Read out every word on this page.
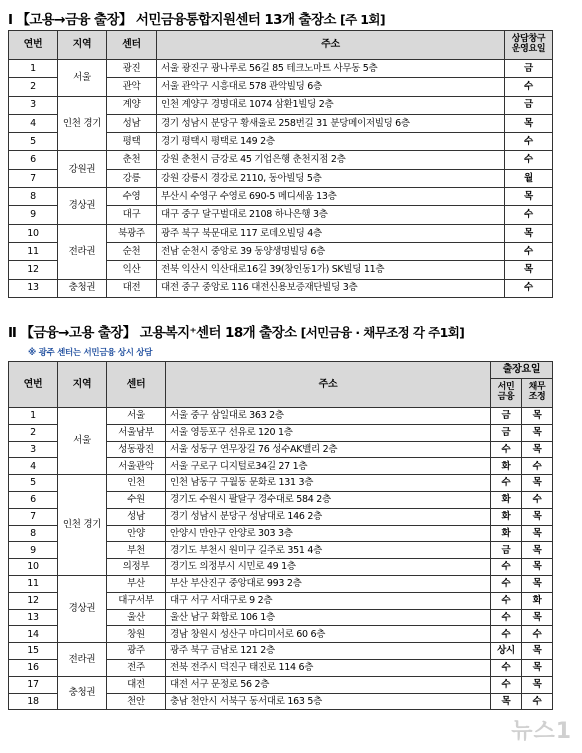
Ⅰ 【고용→금융 출장】 서민금융통합지원센터 13개 출장소 [주 1회]
연번	지역	센터	주소	상담창구 운영요일
1	서울	광진	서울 광진구 광나루로 56길 85 테크노마트 사무동 5층	금
2		관악	서울 관악구 시흥대로 578 관악빌딩 6층	수
3	인천 경기	계양	인천 계양구 경명대로 1074 삼환1빌딩 2층	금
4		성남	경기 성남시 분당구 황새울로 258번길 31 분당메이저빌딩 6층	목
5		평택	경기 평택시 평택로 149 2층	수
6	강원권	춘천	강원 춘천시 금강로 45 기업은행 춘천지점 2층	수
7		강릉	강원 강릉시 경강로 2110, 동아빌딩 5층	월
8	경상권	수영	부산시 수영구 수영로 690-5 메디세움 13층	목
9		대구	대구 중구 달구벌대로 2108 하나은행 3층	수
10	전라권	북광주	광주 북구 북문대로 117 로데오빌딩 4층	목
11		순천	전남 순천시 중앙로 39 동양생명빌딩 6층	수
12		익산	전북 익산시 익산대로16길 39(창인동1가) SK빌딩 11층	목
13	충청권	대전	대전 중구 중앙로 116 대전신용보증재단빌딩 3층	수
Ⅱ 【금융→고용 출장】 고용복지⁺센터 18개 출장소 [서민금융 · 채무조정 각 주1회]
※ 광주 센터는 서민금융 상시 상담
연번	지역	센터	주소	출장요일	
				서민 금융	채무 조정
1	서울	서울	서울 중구 삼일대로 363 2층	금	목
2		서울남부	서울 영등포구 선유로 120 1층	금	목
3		성동광진	서울 성동구 연무장길 76 성수AK밸리 2층	수	목
4		서울관악	서울 구로구 디지털로34길 27 1층	화	수
5	인천 경기	인천	인천 남동구 구월동 문화로 131 3층	수	목
6		수원	경기도 수원시 팔달구 경수대로 584 2층	화	수
7		성남	경기 성남시 분당구 성남대로 146 2층	화	목
8		안양	안양시 만안구 안양로 303 3층	화	목
9		부천	경기도 부천시 원미구 길주로 351 4층	금	목
10		의정부	경기도 의정부시 시민로 49 1층	수	목
11	경상권	부산	부산 부산진구 중앙대로 993 2층	수	목
12		대구서부	대구 서구 서대구로 9 2층	수	화
13		울산	울산 남구 화합로 106 1층	수	목
14		창원	경남 창원시 성산구 마디미서로 60 6층	수	수
15	전라권	광주	광주 북구 금남로 121 2층	상시	목
16		전주	전북 전주시 덕진구 태진로 114 6층	수	목
17	충청권	대전	대전 서구 문정로 56 2층	수	목
18		천안	충남 천안시 서북구 동서대로 163 5층	목	수
뉴스1
